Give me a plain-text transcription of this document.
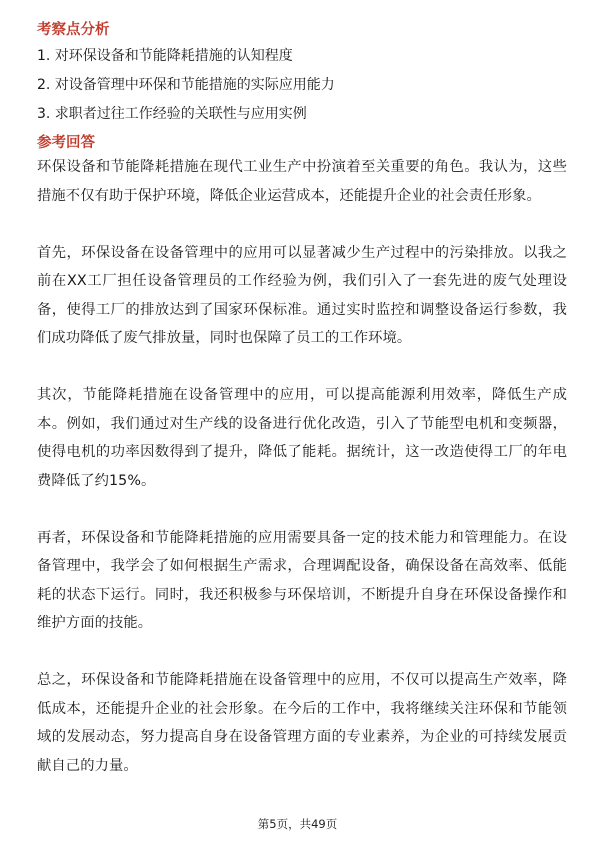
考察点分析
1. 对环保设备和节能降耗措施的认知程度
2. 对设备管理中环保和节能措施的实际应用能力
3. 求职者过往工作经验的关联性与应用实例
参考回答

环保设备和节能降耗措施在现代工业生产中扮演着至关重要的角色。我认为，这些措施不仅有助于保护环境，降低企业运营成本，还能提升企业的社会责任形象。

首先，环保设备在设备管理中的应用可以显著减少生产过程中的污染排放。以我之前在XX工厂担任设备管理员的工作经验为例，我们引入了一套先进的废气处理设备，使得工厂的排放达到了国家环保标准。通过实时监控和调整设备运行参数，我们成功降低了废气排放量，同时也保障了员工的工作环境。

其次，节能降耗措施在设备管理中的应用，可以提高能源利用效率，降低生产成本。例如，我们通过对生产线的设备进行优化改造，引入了节能型电机和变频器，使得电机的功率因数得到了提升，降低了能耗。据统计，这一改造使得工厂的年电费降低了约15%。

再者，环保设备和节能降耗措施的应用需要具备一定的技术能力和管理能力。在设备管理中，我学会了如何根据生产需求，合理调配设备，确保设备在高效率、低能耗的状态下运行。同时，我还积极参与环保培训，不断提升自身在环保设备操作和维护方面的技能。

总之，环保设备和节能降耗措施在设备管理中的应用，不仅可以提高生产效率，降低成本，还能提升企业的社会形象。在今后的工作中，我将继续关注环保和节能领域的发展动态，努力提高自身在设备管理方面的专业素养，为企业的可持续发展贡献自己的力量。

第5页，共49页
